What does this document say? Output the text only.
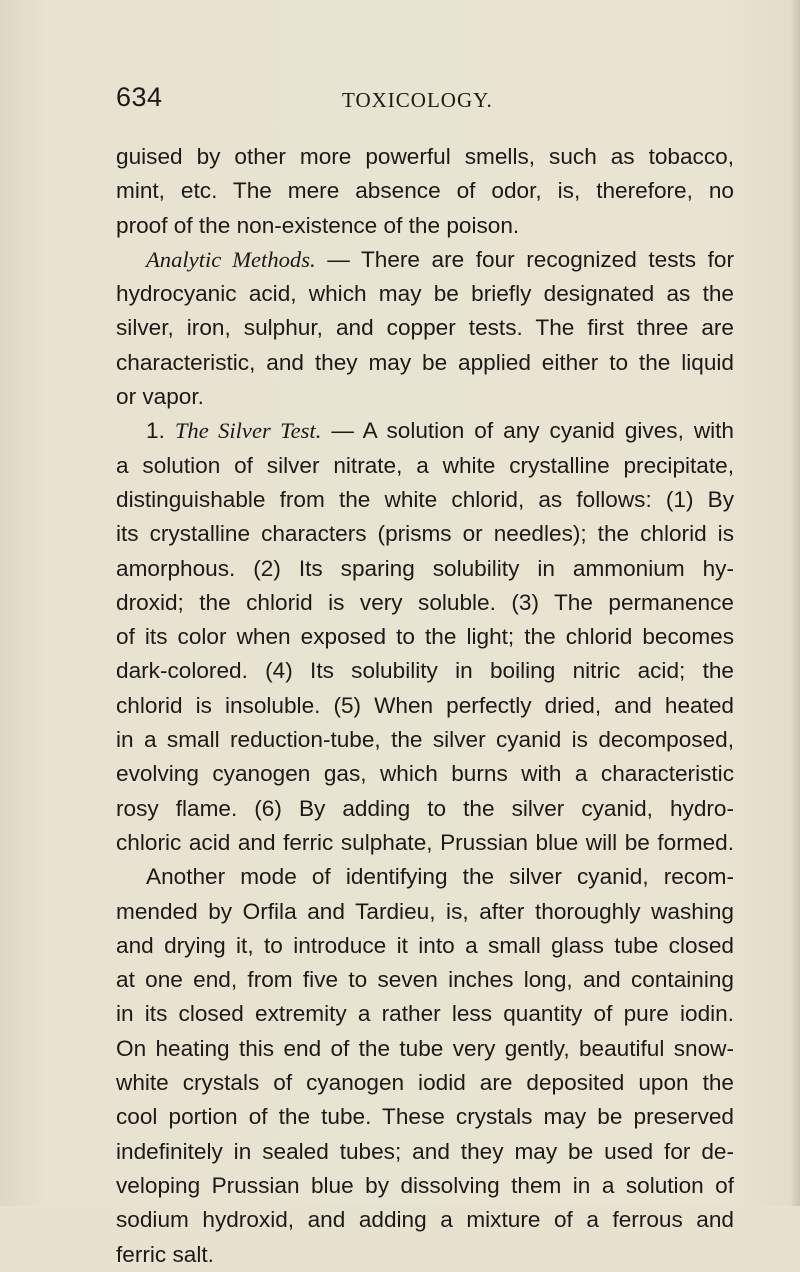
634	TOXICOLOGY.
guised by other more powerful smells, such as tobacco,
mint, etc. The mere absence of odor, is, therefore, no
proof of the non-existence of the poison.
Analytic Methods. — There are four recognized tests for
hydrocyanic acid, which may be briefly designated as the
silver, iron, sulphur, and copper tests. The first three are
characteristic, and they may be applied either to the liquid
or vapor.
1. The Silver Test. — A solution of any cyanid gives, with
a solution of silver nitrate, a white crystalline precipitate,
distinguishable from the white chlorid, as follows: (1) By
its crystalline characters (prisms or needles); the chlorid is
amorphous. (2) Its sparing solubility in ammonium hy-
droxid; the chlorid is very soluble. (3) The permanence
of its color when exposed to the light; the chlorid becomes
dark-colored. (4) Its solubility in boiling nitric acid; the
chlorid is insoluble. (5) When perfectly dried, and heated
in a small reduction-tube, the silver cyanid is decomposed,
evolving cyanogen gas, which burns with a characteristic
rosy flame. (6) By adding to the silver cyanid, hydro-
chloric acid and ferric sulphate, Prussian blue will be formed.
Another mode of identifying the silver cyanid, recom-
mended by Orfila and Tardieu, is, after thoroughly washing
and drying it, to introduce it into a small glass tube closed
at one end, from five to seven inches long, and containing
in its closed extremity a rather less quantity of pure iodin.
On heating this end of the tube very gently, beautiful snow-
white crystals of cyanogen iodid are deposited upon the
cool portion of the tube. These crystals may be preserved
indefinitely in sealed tubes; and they may be used for de-
veloping Prussian blue by dissolving them in a solution of
sodium hydroxid, and adding a mixture of a ferrous and
ferric salt.
